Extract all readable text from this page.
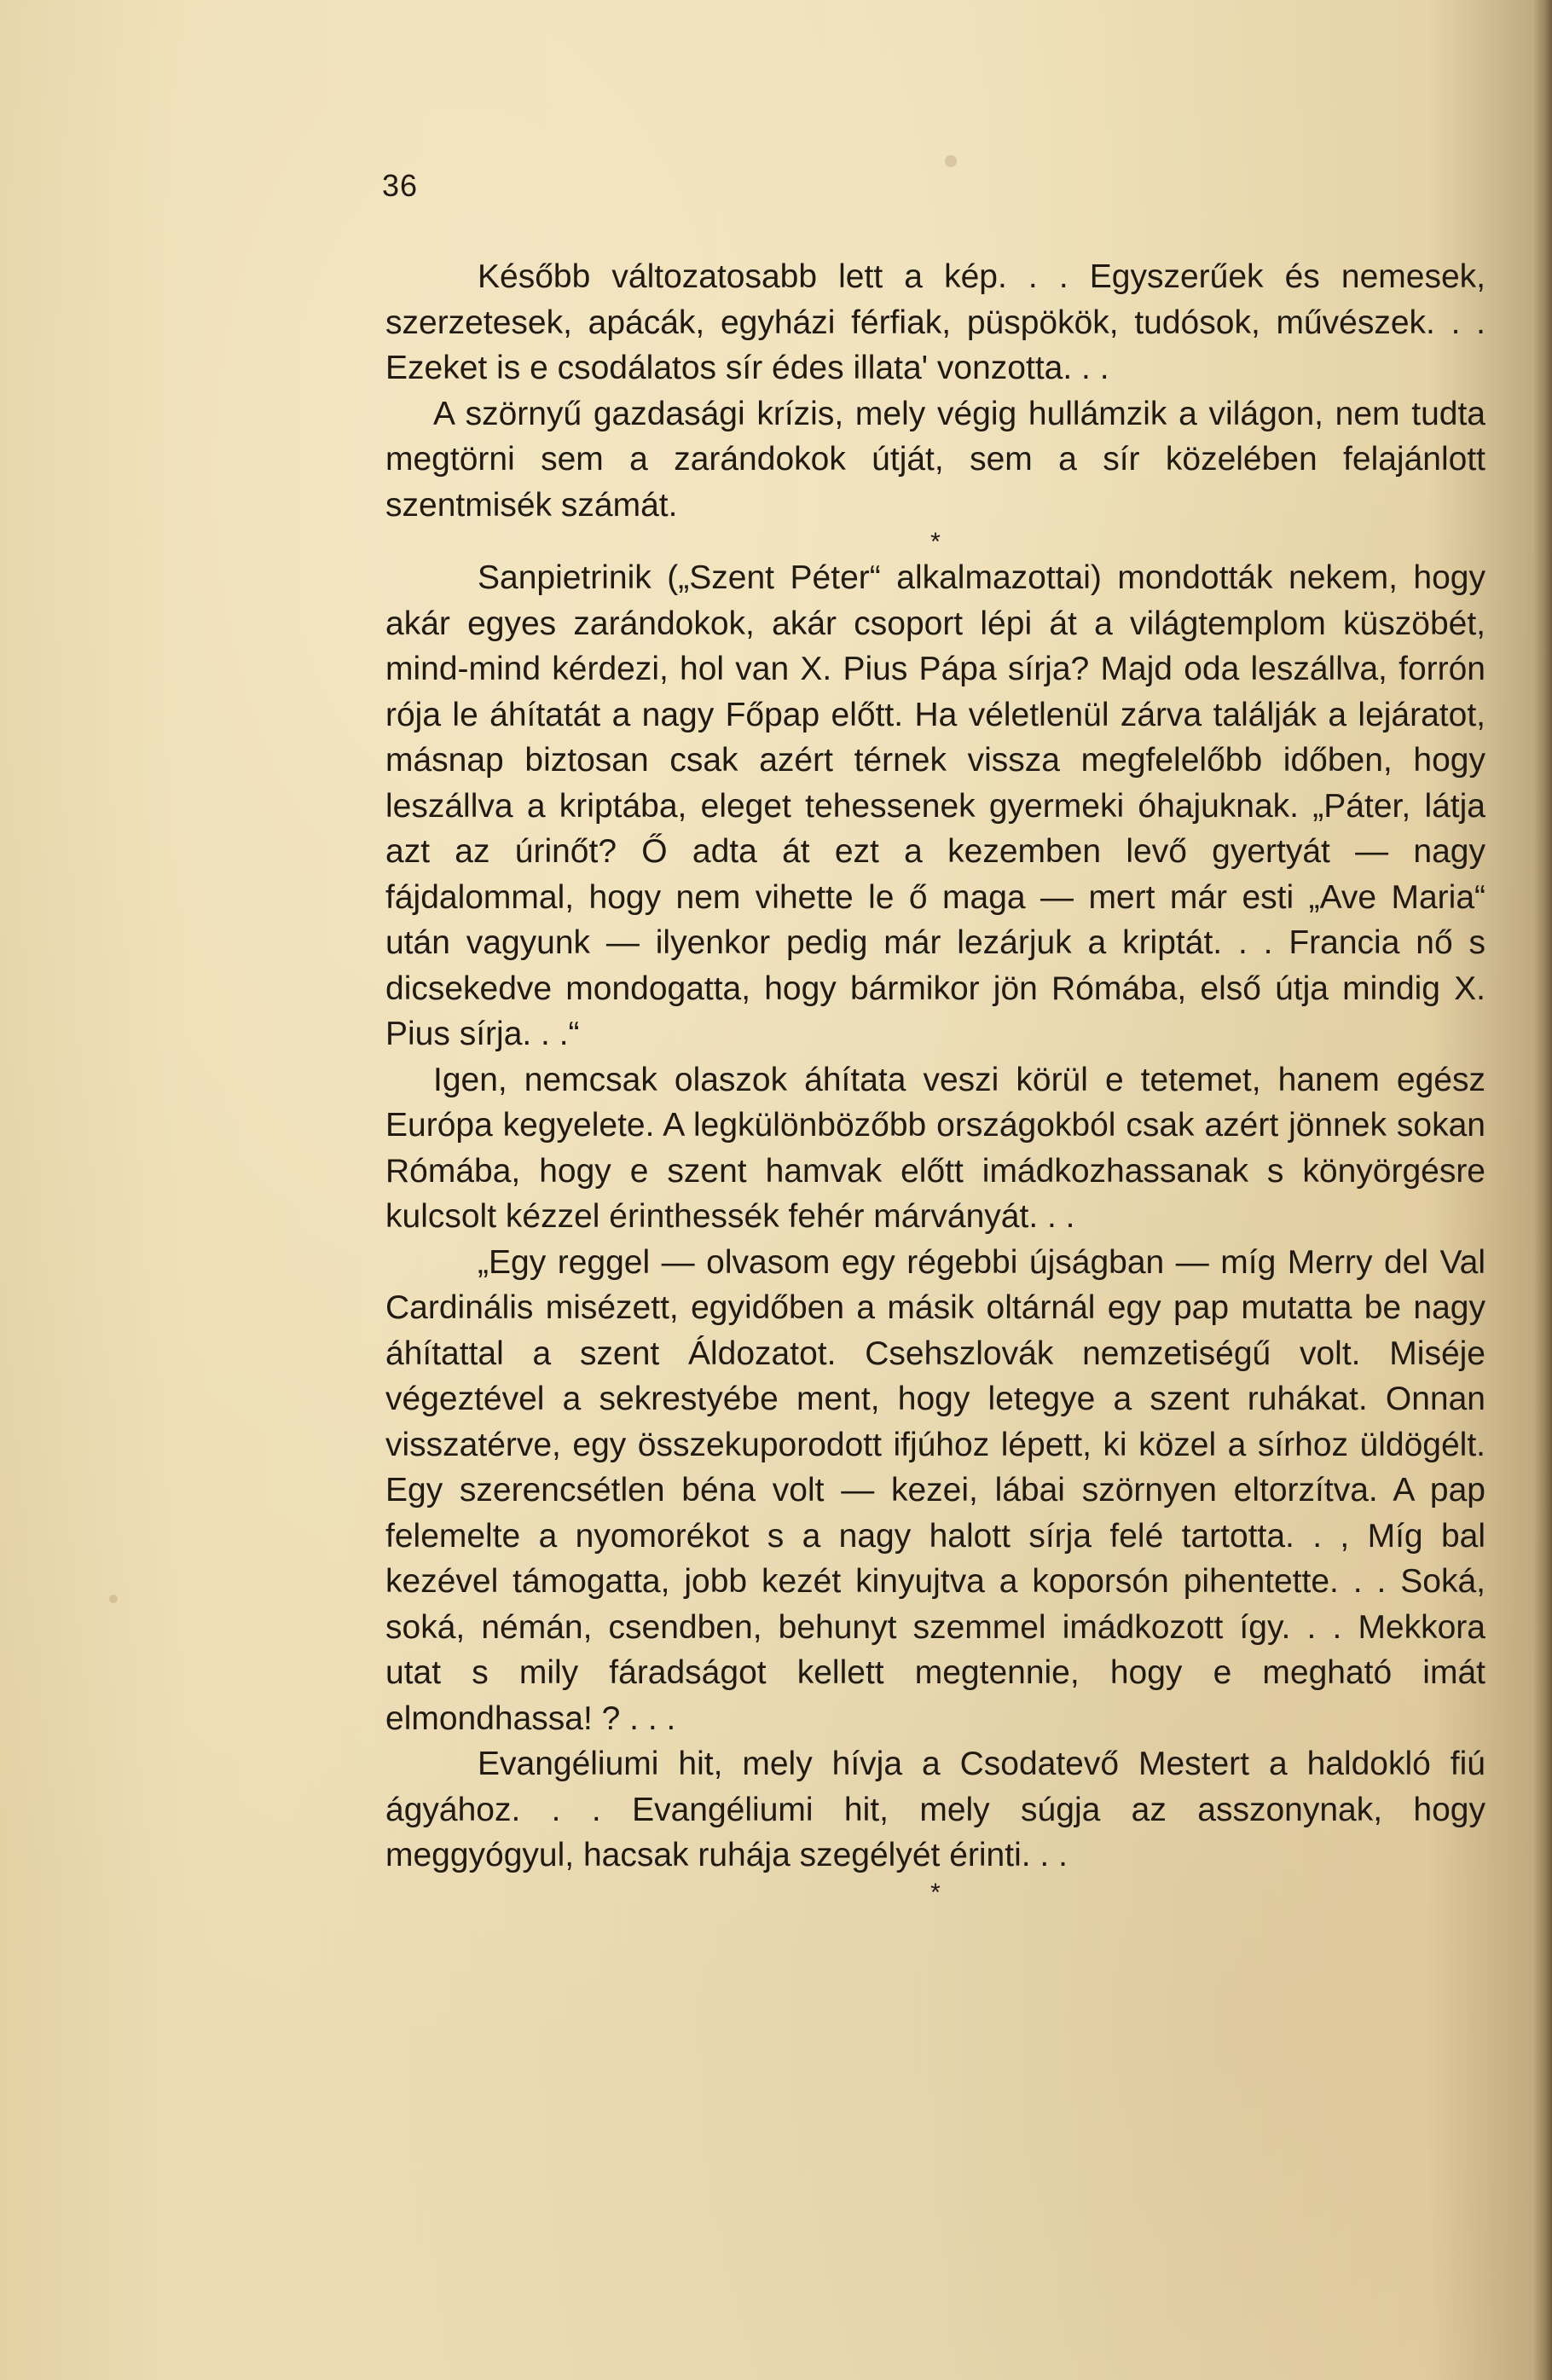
36

Később változatosabb lett a kép. . . Egyszerűek és nemesek, szerzetesek, apácák, egyházi férfiak, püspökök, tudósok, művészek. . . Ezeket is e csodálatos sír édes illata' vonzotta. . .

A szörnyű gazdasági krízis, mely végig hullámzik a világon, nem tudta megtörni sem a zarándokok útját, sem a sír közelében felajánlott szentmisék számát.

*

Sanpietrinik („Szent Péter“ alkalmazottai) mondották nekem, hogy akár egyes zarándokok, akár csoport lépi át a világtemplom küszöbét, mind-mind kérdezi, hol van X. Pius Pápa sírja? Majd oda leszállva, forrón rója le áhítatát a nagy Főpap előtt. Ha véletlenül zárva találják a lejáratot, másnap biztosan csak azért térnek vissza megfelelőbb időben, hogy leszállva a kriptába, eleget tehessenek gyermeki óhajuknak. „Páter, látja azt az úrinőt? Ő adta át ezt a kezemben levő gyertyát — nagy fájdalommal, hogy nem vihette le ő maga — mert már esti „Ave Maria“ után vagyunk — ilyenkor pedig már lezárjuk a kriptát. . . Francia nő s dicsekedve mondogatta, hogy bármikor jön Rómába, első útja mindig X. Pius sírja. . .“

Igen, nemcsak olaszok áhítata veszi körül e tetemet, hanem egész Európa kegyelete. A legkülönbözőbb országokból csak azért jönnek sokan Rómába, hogy e szent hamvak előtt imádkozhassanak s könyörgésre kulcsolt kézzel érinthessék fehér márványát. . .

„Egy reggel — olvasom egy régebbi újságban — míg Merry del Val Cardinális misézett, egyidőben a másik oltárnál egy pap mutatta be nagy áhítattal a szent Áldozatot. Csehszlovák nemzetiségű volt. Miséje végeztével a sekrestyébe ment, hogy letegye a szent ruhákat. Onnan visszatérve, egy összekuporodott ifjúhoz lépett, ki közel a sírhoz üldögélt. Egy szerencsétlen béna volt — kezei, lábai szörnyen eltorzítva. A pap felemelte a nyomorékot s a nagy halott sírja felé tartotta. . , Míg bal kezével támogatta, jobb kezét kinyujtva a koporsón pihentette. . . Soká, soká, némán, csendben, behunyt szemmel imádkozott így. . . Mekkora utat s mily fáradságot kellett megtennie, hogy e megható imát elmondhassa! ? . . .

Evangéliumi hit, mely hívja a Csodatevő Mestert a haldokló fiú ágyához. . . Evangéliumi hit, mely súgja az asszonynak, hogy meggyógyul, hacsak ruhája szegélyét érinti. . .

*
